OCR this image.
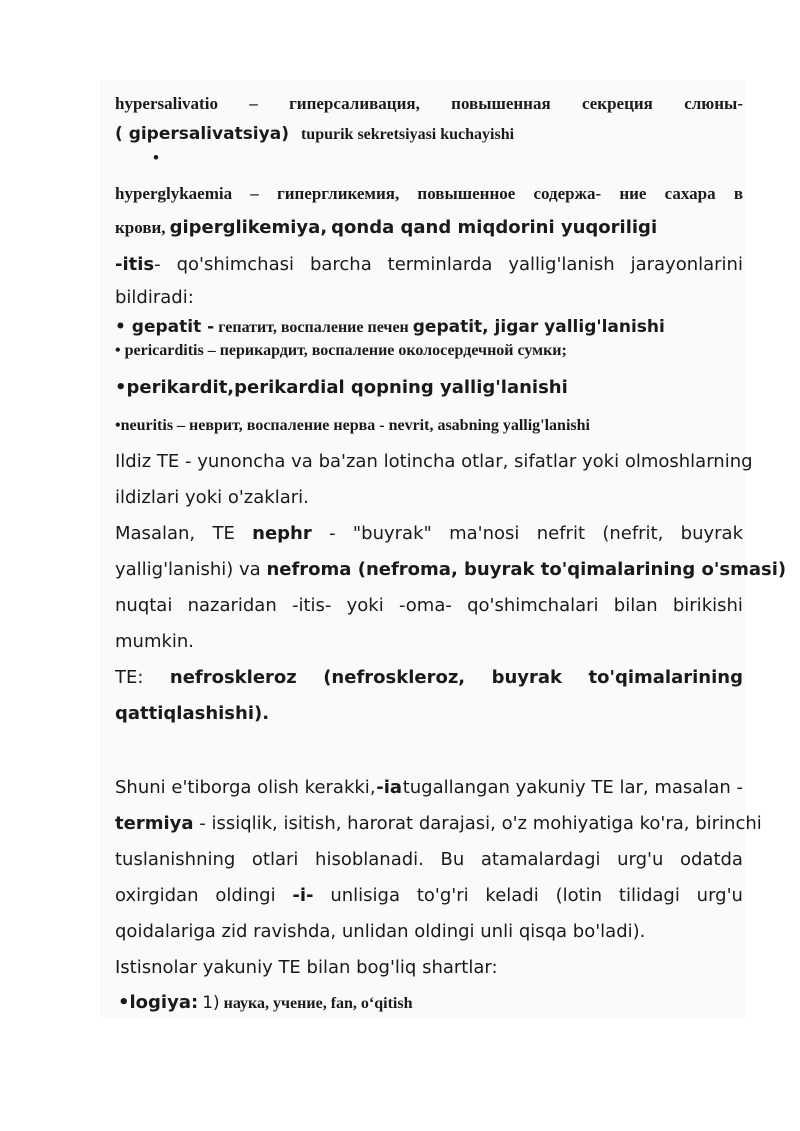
hypersalivatio – гиперсаливация, повышенная секреция слюны-
( gipersalivatsiya) tupurik sekretsiyasi kuchayishi
•
hyperglykaemia – гипергликемия, повышенное содержа- ние сахара в
крови, giperglikemiya, qonda qand miqdorini yuqoriligi
-itis- qo'shimchasi barcha terminlarda yallig'lanish jarayonlarini
bildiradi:
• gepatit - гепатит, воспаление печен gepatit, jigar yallig'lanishi
• pericarditis – перикардит, воспаление околосердечной сумки;
•perikardit,perikardial qopning yallig'lanishi
•neuritis – неврит, воспаление нерва - nevrit, asabning yallig'lanishi
Ildiz TE - yunoncha va ba'zan lotincha otlar, sifatlar yoki olmoshlarning
ildizlari yoki o'zaklari.
Masalan, TE nephr - "buyrak" ma'nosi nefrit (nefrit, buyrak
yallig'lanishi) va nefroma (nefroma, buyrak to'qimalarining o'smasi)
nuqtai nazaridan -itis- yoki -oma- qo'shimchalari bilan birikishi
mumkin.
TE: nefroskleroz (nefroskleroz, buyrak to'qimalarining
qattiqlashishi).
Shuni e'tiborga olish kerakki, -ia tugallangan yakuniy TE lar, masalan -
termiya - issiqlik, isitish, harorat darajasi, o'z mohiyatiga ko'ra, birinchi
tuslanishning otlari hisoblanadi. Bu atamalardagi urg'u odatda
oxirgidan oldingi -i- unlisiga to'g'ri keladi (lotin tilidagi urg'u
qoidalariga zid ravishda, unlidan oldingi unli qisqa bo'ladi).
Istisnolar yakuniy TE bilan bog'liq shartlar:
•logiya: 1) наука, учение, fan, o‘qitish
